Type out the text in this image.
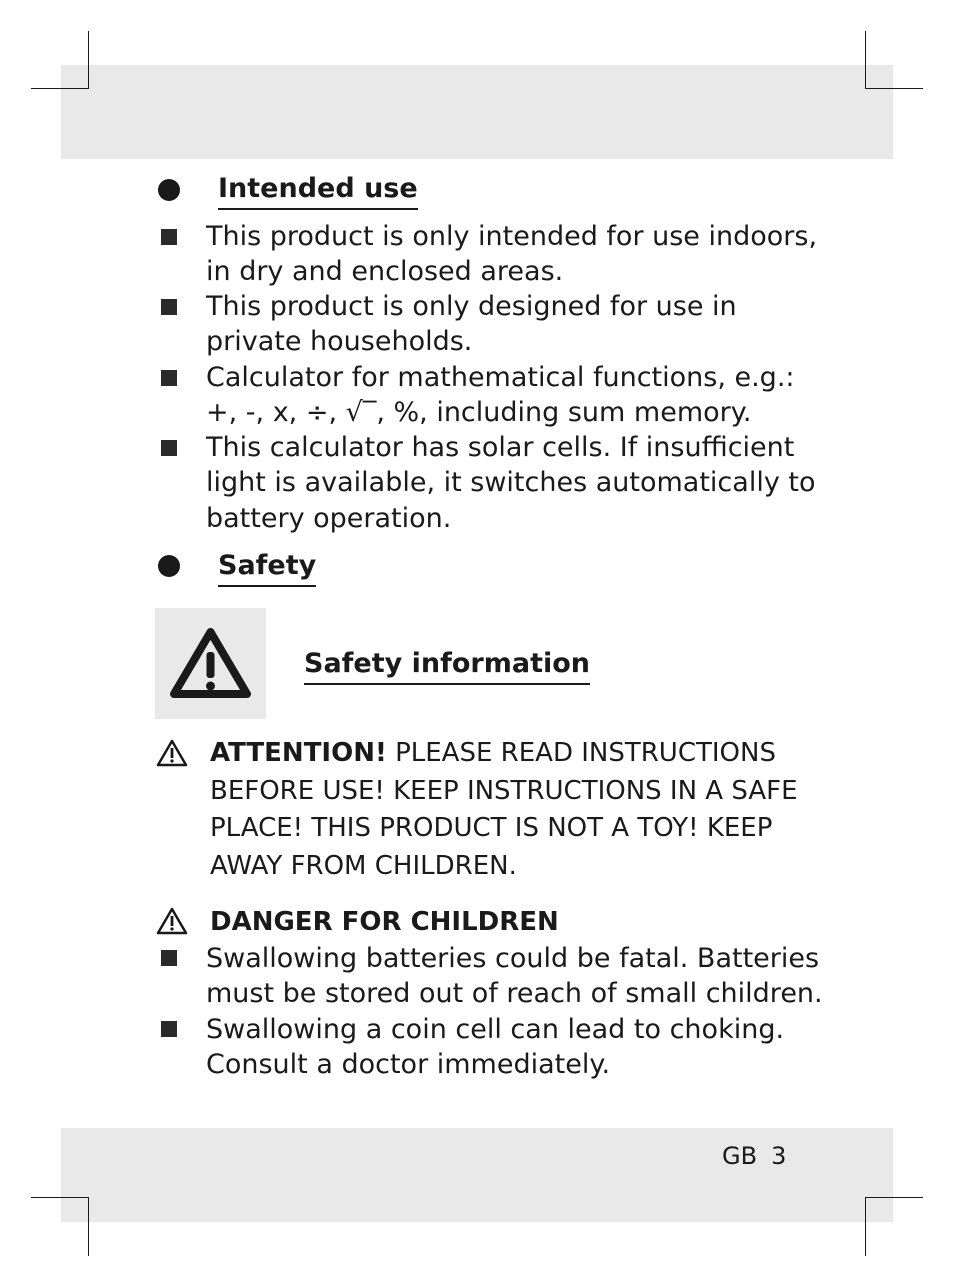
Intended use
This product is only intended for use indoors,
in dry and enclosed areas.
This product is only designed for use in
private households.
Calculator for mathematical functions, e.g.:
+, -, x, ÷, √‾, %, including sum memory.
This calculator has solar cells. If insufficient
light is available, it switches automatically to
battery operation.
Safety
Safety information
ATTENTION! PLEASE READ INSTRUCTIONS
BEFORE USE! KEEP INSTRUCTIONS IN A SAFE
PLACE! THIS PRODUCT IS NOT A TOY! KEEP
AWAY FROM CHILDREN.
DANGER FOR CHILDREN
Swallowing batteries could be fatal. Batteries
must be stored out of reach of small children.
Swallowing a coin cell can lead to choking.
Consult a doctor immediately.
GB 3
